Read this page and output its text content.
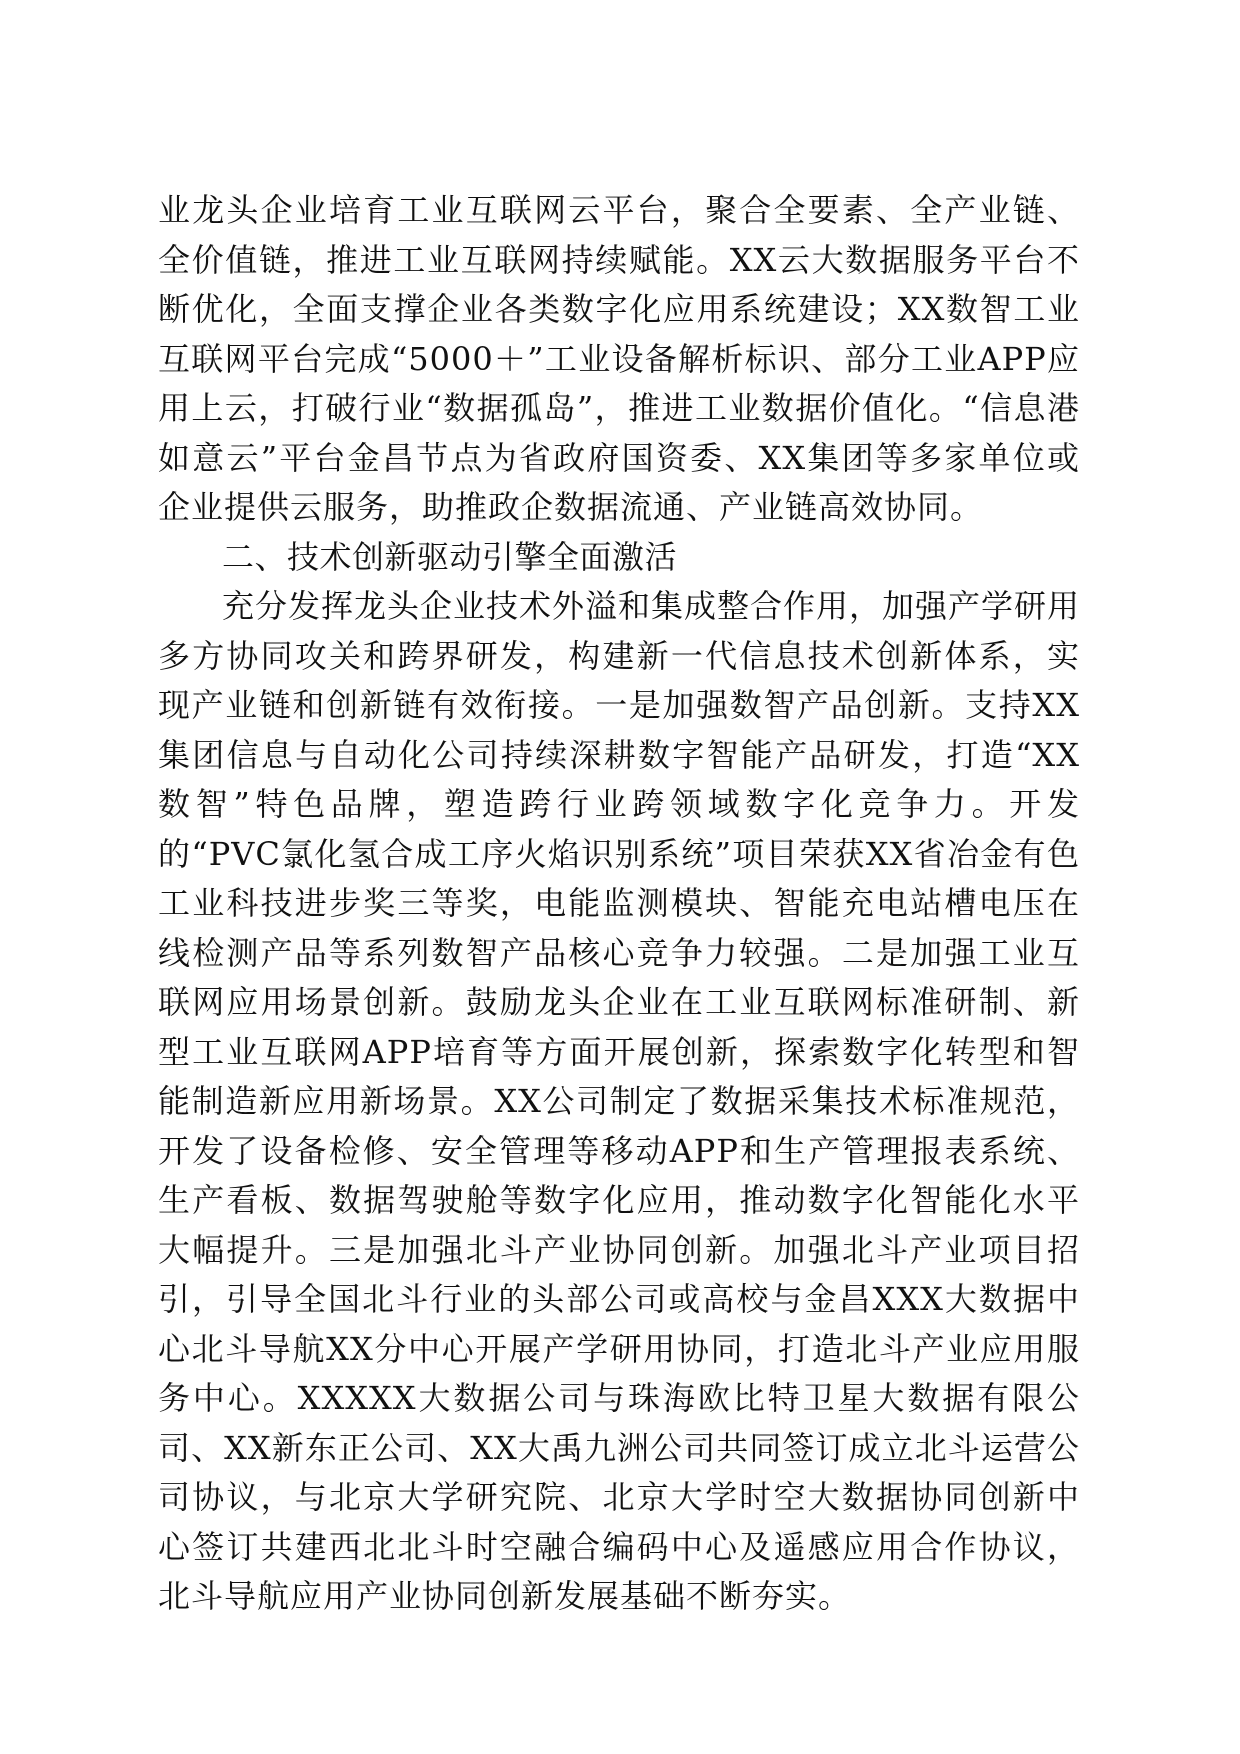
业龙头企业培育工业互联网云平台，聚合全要素、全产业链、全价值链，推进工业互联网持续赋能。XX云大数据服务平台不断优化，全面支撑企业各类数字化应用系统建设；XX数智工业互联网平台完成“5000＋”工业设备解析标识、部分工业APP应用上云，打破行业“数据孤岛”，推进工业数据价值化。“信息港如意云”平台金昌节点为省政府国资委、XX集团等多家单位或企业提供云服务，助推政企数据流通、产业链高效协同。

二、技术创新驱动引擎全面激活

充分发挥龙头企业技术外溢和集成整合作用，加强产学研用多方协同攻关和跨界研发，构建新一代信息技术创新体系，实现产业链和创新链有效衔接。一是加强数智产品创新。支持XX集团信息与自动化公司持续深耕数字智能产品研发，打造“XX数智”特色品牌，塑造跨行业跨领域数字化竞争力。开发的“PVC氯化氢合成工序火焰识别系统”项目荣获XX省冶金有色工业科技进步奖三等奖，电能监测模块、智能充电站槽电压在线检测产品等系列数智产品核心竞争力较强。二是加强工业互联网应用场景创新。鼓励龙头企业在工业互联网标准研制、新型工业互联网APP培育等方面开展创新，探索数字化转型和智能制造新应用新场景。XX公司制定了数据采集技术标准规范，开发了设备检修、安全管理等移动APP和生产管理报表系统、生产看板、数据驾驶舱等数字化应用，推动数字化智能化水平大幅提升。三是加强北斗产业协同创新。加强北斗产业项目招引，引导全国北斗行业的头部公司或高校与金昌XXX大数据中心北斗导航XX分中心开展产学研用协同，打造北斗产业应用服务中心。XXXXX大数据公司与珠海欧比特卫星大数据有限公司、XX新东正公司、XX大禹九洲公司共同签订成立北斗运营公司协议，与北京大学研究院、北京大学时空大数据协同创新中心签订共建西北北斗时空融合编码中心及遥感应用合作协议，北斗导航应用产业协同创新发展基础不断夯实。
